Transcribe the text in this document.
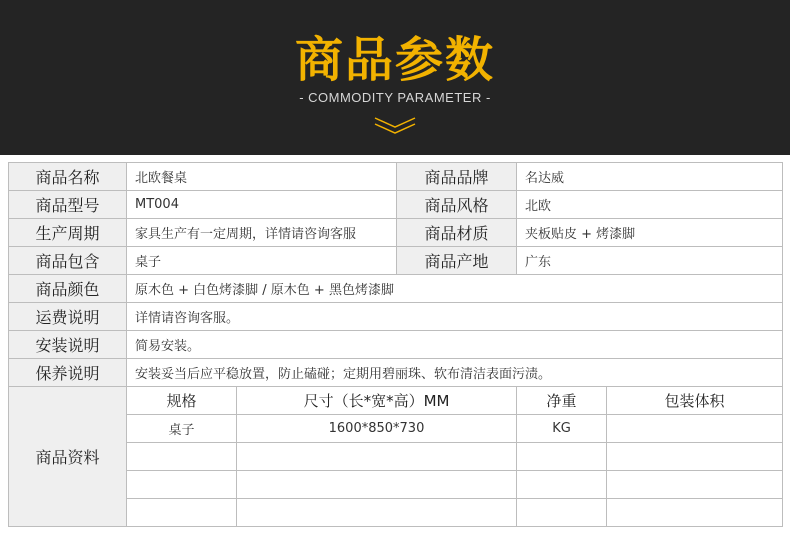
商品参数
- COMMODITY PARAMETER -
商品名称	北欧餐桌		商品品牌	名达威	
商品型号	MT004		商品风格	北欧	
生产周期	家具生产有一定周期，详情请咨询客服		商品材质	夹板贴皮 + 烤漆脚	
商品包含	桌子		商品产地	广东	
商品颜色	原木色 + 白色烤漆脚 / 原木色 + 黑色烤漆脚				
运费说明	详情请咨询客服。				
安装说明	简易安装。				
保养说明	安装妥当后应平稳放置，防止磕碰；定期用碧丽珠、软布清洁表面污渍。				
商品资料	规格	尺寸（长*宽*高）MM		净重	包装体积
	桌子	1600*850*730		KG	
